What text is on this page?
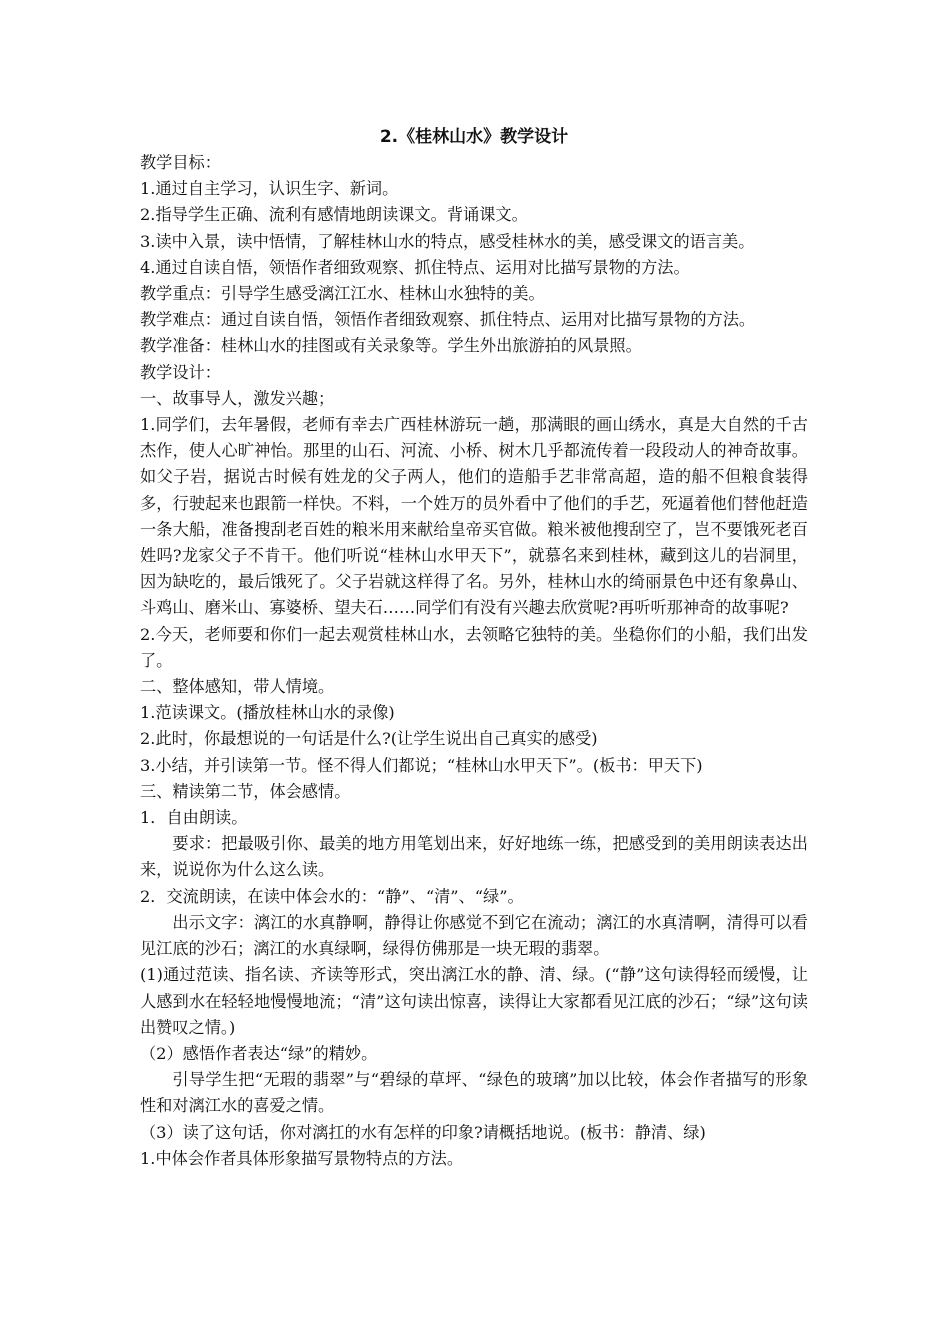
2.《桂林山水》教学设计

教学目标：

1.通过自主学习，认识生字、新词。

2.指导学生正确、流利有感情地朗读课文。背诵课文。

3.读中入景，读中悟情，了解桂林山水的特点，感受桂林水的美，感受课文的语言美。

4.通过自读自悟，领悟作者细致观察、抓住特点、运用对比描写景物的方法。

教学重点：引导学生感受漓江江水、桂林山水独特的美。

教学难点：通过自读自悟，领悟作者细致观察、抓住特点、运用对比描写景物的方法。

教学准备：桂林山水的挂图或有关录象等。学生外出旅游拍的风景照。

教学设计：

一、故事导人，激发兴趣；

1.同学们，去年暑假，老师有幸去广西桂林游玩一趟，那满眼的画山绣水，真是大自然的千古杰作，使人心旷神怡。那里的山石、河流、小桥、树木几乎都流传着一段段动人的神奇故事。如父子岩，据说古时候有姓龙的父子两人，他们的造船手艺非常高超，造的船不但粮食装得多，行驶起来也跟箭一样快。不料，一个姓万的员外看中了他们的手艺，死逼着他们替他赶造一条大船，准备搜刮老百姓的粮米用来献给皇帝买官做。粮米被他搜刮空了，岂不要饿死老百姓吗?龙家父子不肯干。他们听说“桂林山水甲天下”，就慕名来到桂林，藏到这儿的岩洞里，因为缺吃的，最后饿死了。父子岩就这样得了名。另外，桂林山水的绮丽景色中还有象鼻山、斗鸡山、磨米山、寡婆桥、望夫石……同学们有没有兴趣去欣赏呢?再听听那神奇的故事呢?

2.今天，老师要和你们一起去观赏桂林山水，去领略它独特的美。坐稳你们的小船，我们出发了。

二、整体感知，带人情境。

1.范读课文。(播放桂林山水的录像)

2.此时，你最想说的一句话是什么?(让学生说出自己真实的感受)

3.小结，并引读第一节。怪不得人们都说；“桂林山水甲天下”。(板书：甲天下)

三、精读第二节，体会感情。

1．自由朗读。

要求：把最吸引你、最美的地方用笔划出来，好好地练一练，把感受到的美用朗读表达出来，说说你为什么这么读。

2．交流朗读，在读中体会水的：“静”、“清”、“绿”。

出示文字：漓江的水真静啊，静得让你感觉不到它在流动；漓江的水真清啊，清得可以看见江底的沙石；漓江的水真绿啊，绿得仿佛那是一块无瑕的翡翠。

(1)通过范读、指名读、齐读等形式，突出漓江水的静、清、绿。(“静”这句读得轻而缓慢，让人感到水在轻轻地慢慢地流；“清”这句读出惊喜，读得让大家都看见江底的沙石；“绿”这句读出赞叹之情。)

（2）感悟作者表达“绿”的精妙。

引导学生把“无瑕的翡翠”与“碧绿的草坪、“绿色的玻璃”加以比较，体会作者描写的形象性和对漓江水的喜爱之情。

（3）读了这句话，你对漓扛的水有怎样的印象?请概括地说。(板书：静清、绿)

1.中体会作者具体形象描写景物特点的方法。
